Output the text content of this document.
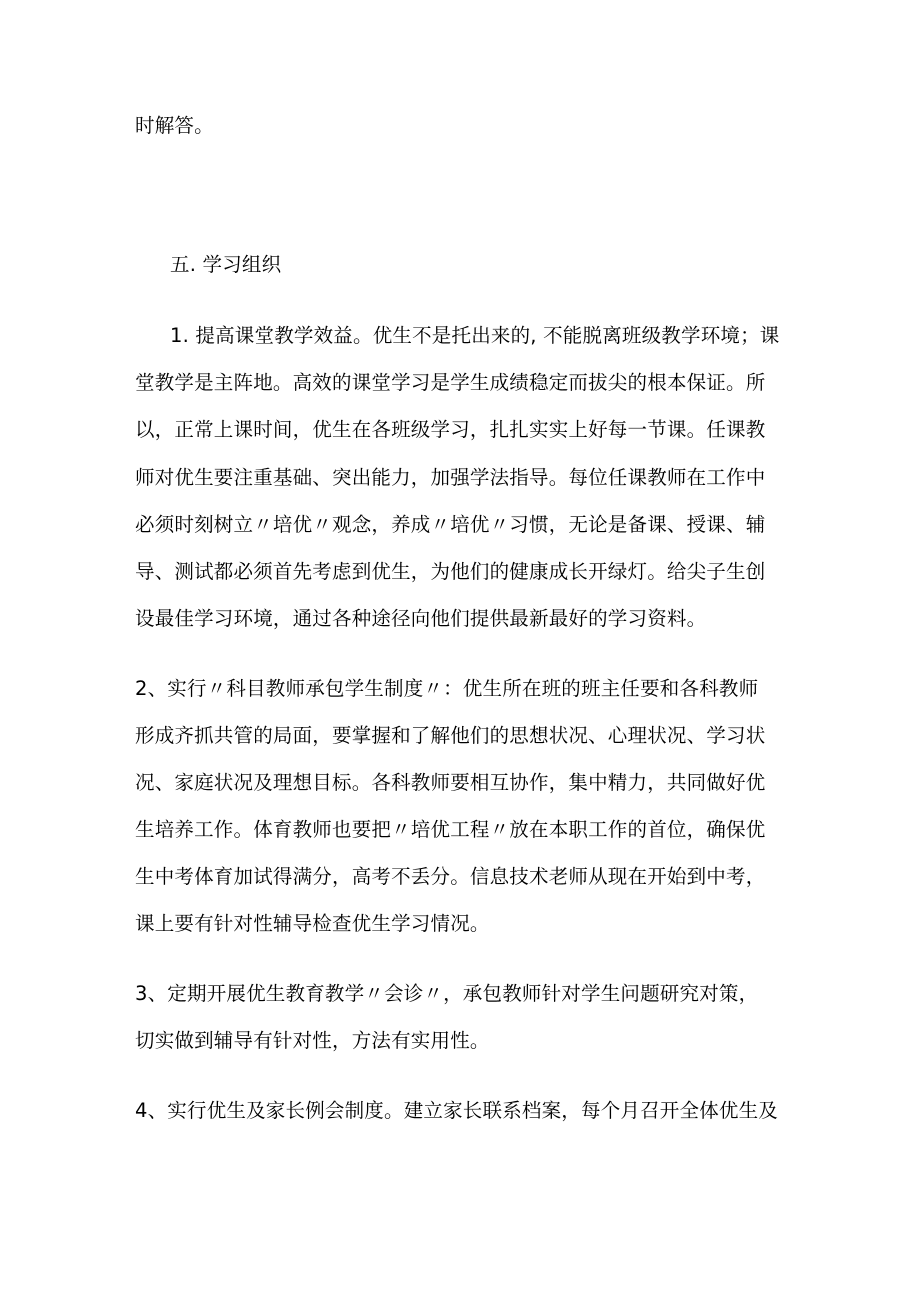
时解答。

五. 学习组织

1. 提高课堂教学效益。优生不是托出来的, 不能脱离班级教学环境；课

堂教学是主阵地。高效的课堂学习是学生成绩稳定而拔尖的根本保证。所

以，正常上课时间，优生在各班级学习，扎扎实实上好每一节课。任课教

师对优生要注重基础、突出能力，加强学法指导。每位任课教师在工作中

必须时刻树立〃培优〃观念，养成〃培优〃习惯，无论是备课、授课、辅

导、测试都必须首先考虑到优生，为他们的健康成长开绿灯。给尖子生创

设最佳学习环境，通过各种途径向他们提供最新最好的学习资料。

2、实行〃科目教师承包学生制度〃：优生所在班的班主任要和各科教师

形成齐抓共管的局面，要掌握和了解他们的思想状况、心理状况、学习状

况、家庭状况及理想目标。各科教师要相互协作，集中精力，共同做好优

生培养工作。体育教师也要把〃培优工程〃放在本职工作的首位，确保优

生中考体育加试得满分，高考不丢分。信息技术老师从现在开始到中考，

课上要有针对性辅导检查优生学习情况。

3、定期开展优生教育教学〃会诊〃，承包教师针对学生问题研究对策，

切实做到辅导有针对性，方法有实用性。

4、实行优生及家长例会制度。建立家长联系档案，每个月召开全体优生及
